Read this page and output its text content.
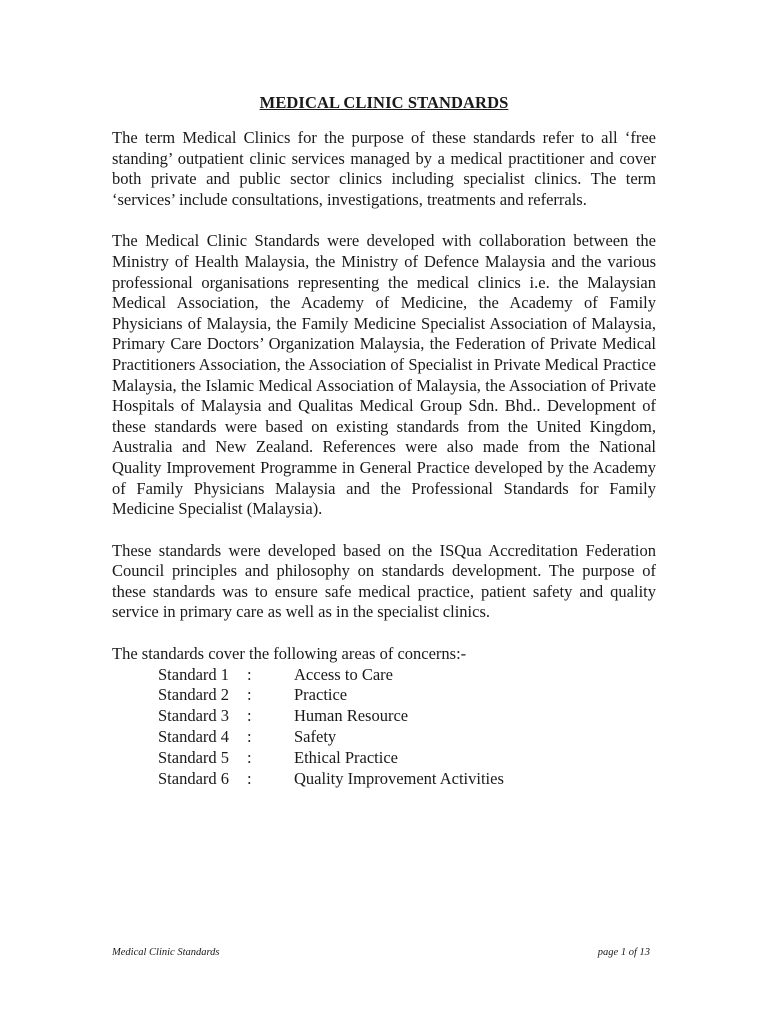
MEDICAL CLINIC STANDARDS

The term Medical Clinics for the purpose of these standards refer to all ‘free standing’ outpatient clinic services managed by a medical practitioner and cover both private and public sector clinics including specialist clinics. The term ‘services’ include consultations, investigations, treatments and referrals.

The Medical Clinic Standards were developed with collaboration between the Ministry of Health Malaysia, the Ministry of Defence Malaysia and the various professional organisations representing the medical clinics i.e. the Malaysian Medical Association, the Academy of Medicine, the Academy of Family Physicians of Malaysia, the Family Medicine Specialist Association of Malaysia, Primary Care Doctors’ Organization Malaysia, the Federation of Private Medical Practitioners Association, the Association of Specialist in Private Medical Practice Malaysia, the Islamic Medical Association of Malaysia, the Association of Private Hospitals of Malaysia and Qualitas Medical Group Sdn. Bhd.. Development of these standards were based on existing standards from the United Kingdom, Australia and New Zealand. References were also made from the National Quality Improvement Programme in General Practice developed by the Academy of Family Physicians Malaysia and the Professional Standards for Family Medicine Specialist (Malaysia).

These standards were developed based on the ISQua Accreditation Federation Council principles and philosophy on standards development. The purpose of these standards was to ensure safe medical practice, patient safety and quality service in primary care as well as in the specialist clinics.

The standards cover the following areas of concerns:-

Standard 1	:	Access to Care
Standard 2	:	Practice
Standard 3	:	Human Resource
Standard 4	:	Safety
Standard 5	:	Ethical Practice
Standard 6	:	Quality Improvement Activities
Medical Clinic Standards	page 1 of 13
